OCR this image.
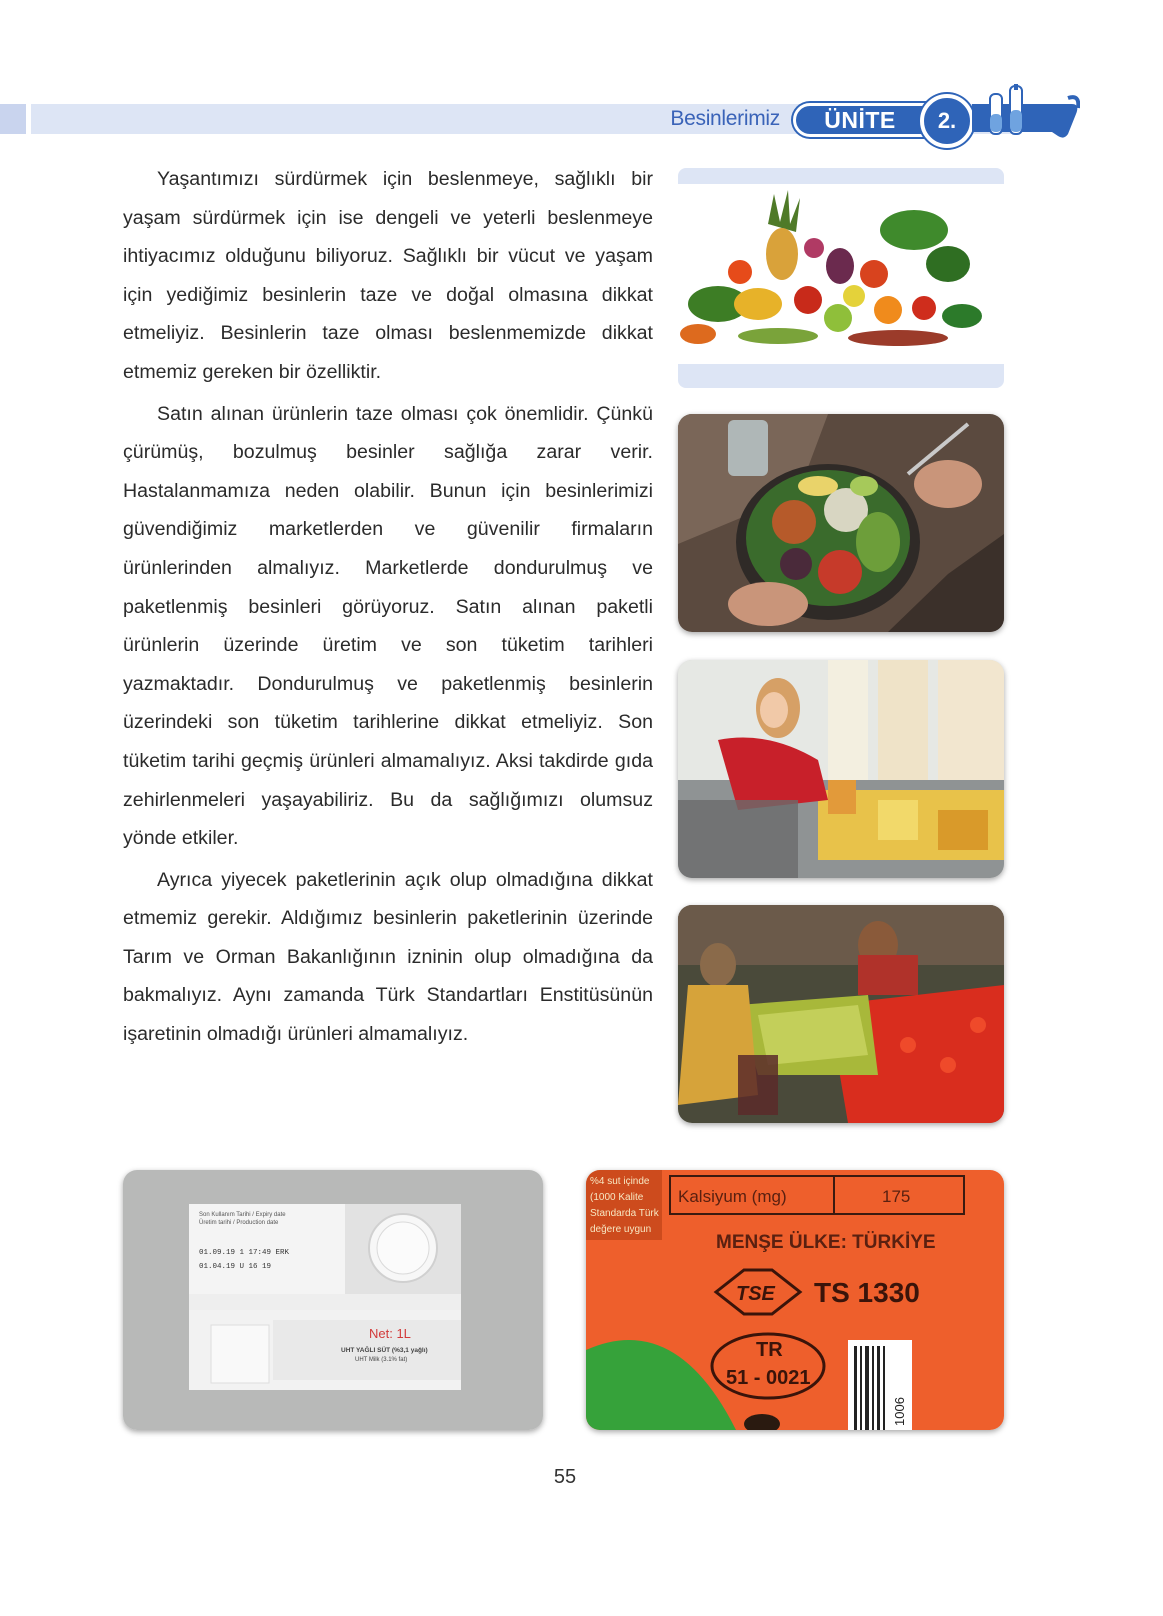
Besinlerimiz	ÜNİTE	2.

Yaşantımızı sürdürmek için beslenmeye, sağlıklı bir yaşam sürdürmek için ise dengeli ve yeterli beslenmeye ihtiyacımız olduğunu biliyoruz. Sağlıklı bir vücut ve yaşam için yediğimiz besinlerin taze ve doğal olmasına dikkat etmeliyiz. Besinlerin taze olması beslenmemizde dikkat etmemiz gereken bir özelliktir.

Satın alınan ürünlerin taze olması çok önemlidir. Çünkü çürümüş, bozulmuş besinler sağlığa zarar verir. Hastalanmamıza neden olabilir. Bunun için besinlerimizi güvendiğimiz marketlerden ve güvenilir firmaların ürünlerinden almalıyız. Marketlerde dondurulmuş ve paketlenmiş besinleri görüyoruz. Satın alınan paketli ürünlerin üzerinde üretim ve son tüketim tarihleri yazmaktadır. Dondurulmuş ve paketlenmiş besinlerin üzerindeki son tüketim tarihlerine dikkat etmeliyiz. Son tüketim tarihi geçmiş ürünleri almamalıyız. Aksi takdirde gıda zehirlenmeleri yaşayabiliriz. Bu da sağlığımızı olumsuz yönde etkiler.

Ayrıca yiyecek paketlerinin açık olup olmadığına dikkat etmemiz gerekir. Aldığımız besinlerin paketlerinin üzerinde Tarım ve Orman Bakanlığının izninin olup olmadığına da bakmalıyız. Aynı zamanda Türk Standartları Enstitüsünün işaretinin olmadığı ürünleri almamalıyız.

Son Kullanım Tarihi / Expiry date
Üretim tarihi / Production date
01.09.19 1 17:49 ERK
01.04.19 U 16 19
Net: 1L
UHT YAĞLI SÜT (%3,1 yağlı)
UHT Milk (3.1% fat)
%4 sut içinde
(1000 Kalite
Standarda Türk
değere uygun
Kalsiyum (mg)	175
MENŞE ÜLKE: TÜRKİYE
TSE TS 1330
TR
51 - 0021
1006
55
